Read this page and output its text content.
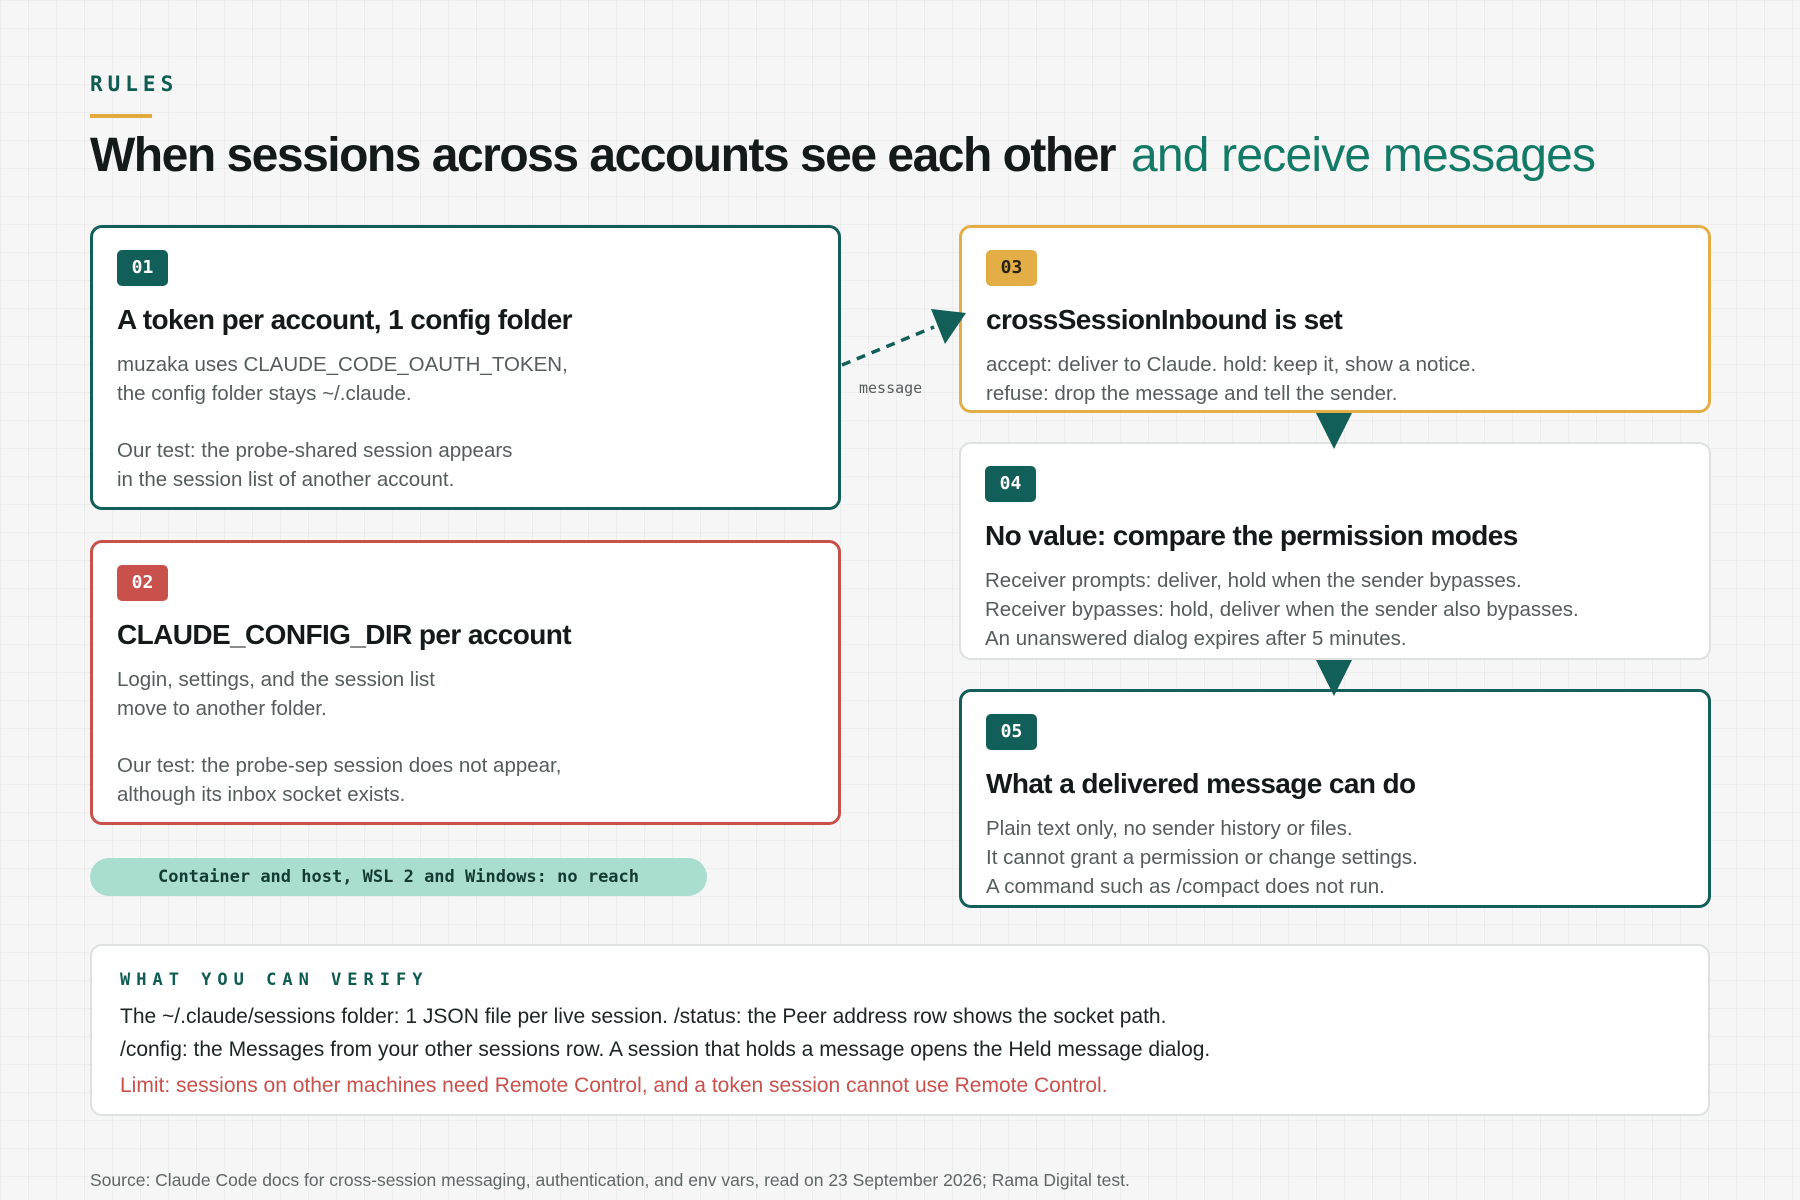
RULES
When sessions across accounts see each other and receive messages
01
A token per account, 1 config folder

muzaka uses CLAUDE_CODE_OAUTH_TOKEN,

the config folder stays ~/.claude.

Our test: the probe-shared session appears

in the session list of another account.

02
CLAUDE_CONFIG_DIR per account

Login, settings, and the session list

move to another folder.

Our test: the probe-sep session does not appear,

although its inbox socket exists.

Container and host, WSL 2 and Windows: no reach
03
crossSessionInbound is set

accept: deliver to Claude. hold: keep it, show a notice.

refuse: drop the message and tell the sender.

04
No value: compare the permission modes

Receiver prompts: deliver, hold when the sender bypasses.

Receiver bypasses: hold, deliver when the sender also bypasses.

An unanswered dialog expires after 5 minutes.

05
What a delivered message can do

Plain text only, no sender history or files.

It cannot grant a permission or change settings.

A command such as /compact does not run.

message
WHAT YOU CAN VERIFY

The ~/.claude/sessions folder: 1 JSON file per live session. /status: the Peer address row shows the socket path.

/config: the Messages from your other sessions row. A session that holds a message opens the Held message dialog.

Limit: sessions on other machines need Remote Control, and a token session cannot use Remote Control.
Source: Claude Code docs for cross-session messaging, authentication, and env vars, read on 23 September 2026; Rama Digital test.
